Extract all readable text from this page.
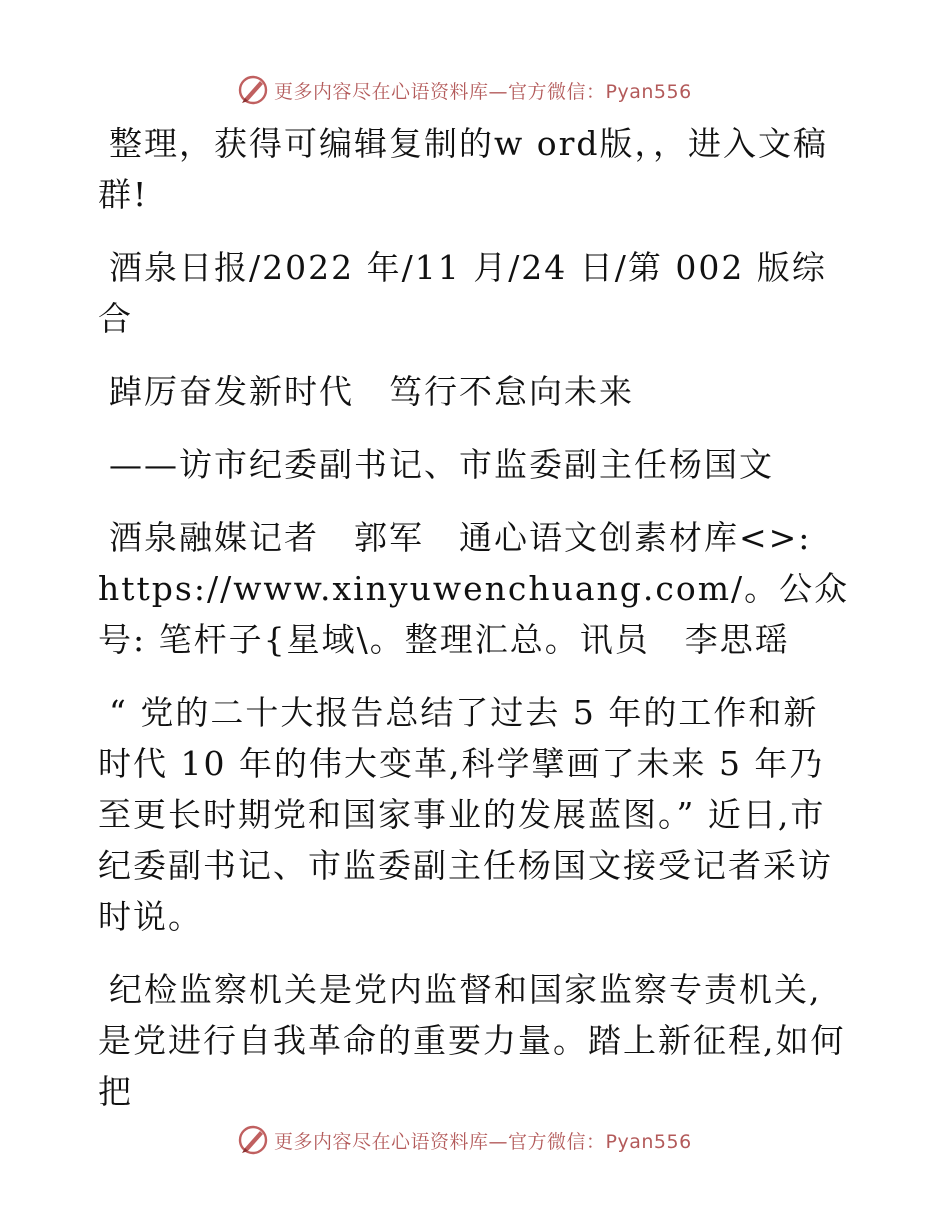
更多内容尽在心语资料库—官方微信：Pyan556

整理，获得可编辑复制的w ord版，，进入文稿群!

酒泉日报/2022 年/11 月/24 日/第 002 版综合

踔厉奋发新时代　笃行不怠向未来

——访市纪委副书记、市监委副主任杨国文

酒泉融媒记者　郭军　通心语文创素材库<>: https://www.xinyuwenchuang.com/。公众号: 笔杆子{星域\。整理汇总。讯员　李思瑶

“ 党的二十大报告总结了过去 5 年的工作和新时代 10 年的伟大变革,科学擘画了未来 5 年乃至更长时期党和国家事业的发展蓝图。” 近日,市纪委副书记、市监委副主任杨国文接受记者采访时说。

纪检监察机关是党内监督和国家监察专责机关,是党进行自我革命的重要力量。踏上新征程,如何把

更多内容尽在心语资料库—官方微信：Pyan556
